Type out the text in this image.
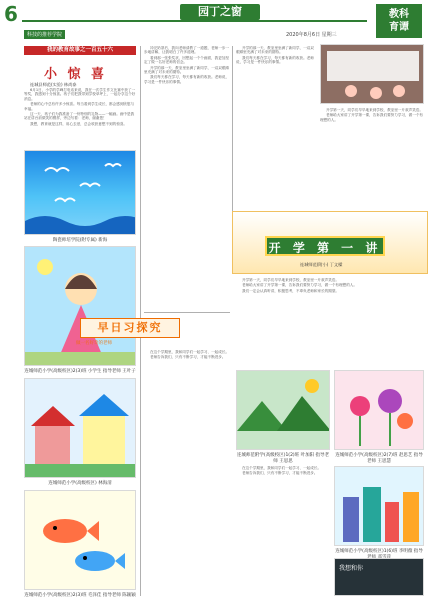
6	园丁之窗
科技的推荐学院	2020年8月6日 星期三
教科
育谭
我的教育故事之一百五十六
小 惊 喜
连城县师范(实验) 林尚泰

6月1日，小学的学峰打电话来说，我在一次学生作文比赛中获了一等奖，我感到十分惊喜。孩子们把我带到学校草坪上，一起分享这个好消息。

老师的心中总有许多小惊喜。每当看到学生成长，都会感到欣慰与幸福。

这一天，孩子们为我准备了一份特别的礼物——一幅画。画中是我站在讲台前微笑的模样，旁边写着：老师，谢谢您！

我想，教育就是这样，用心去爱，总会收获意想不到的惊喜。

陶瓷师培学院(附专属) 新海
连城师范小学(高级校区)2(3)班 小学生 指导老师 王叶子
连城师范小学(高级校区) 林海清
连城师范小学(高级校区)2(3)班 毛泽佳 指导老师 陈颖颖

冲完奶茶后，我向老师请教了一道题，老师一步一步地讲解，让我明白了许多道理。

看到那一张张奖状，回想起一个个画面，我更加坚定了做一名好老师的信念。

开学的那一天，教室里坐满了新同学，一双双眼睛里充满了对未来的期待。

我们每天都在学习，每天都有新的收获。老师说，学习是一件快乐的事情。

早日习探究
做一名好奇的老师

在这个学期里，我和同学们一起学习、一起成长。

老师告诉我们，只有不断学习，才能不断进步。

开学的那一天，教室里坐满了新同学，一双双眼睛里充满了对未来的期待。

我们每天都在学习，每天都有新的收获。老师说，学习是一件快乐的事情。

开学第一天，同学们早早地来到学校，教室里一片欢声笑语。

老师给大家讲了开学第一课，告诉我们要努力学习，做一个有理想的人。

开 学 第 一 讲
连城师范(附小) 丁文樑

开学第一天，同学们早早地来到学校，教室里一片欢声笑语。

老师给大家讲了开学第一课，告诉我们要努力学习，做一个有理想的人。

我们一定会认真听讲，积极思考，不辜负老师和家长的期望。

连城师范附学(高级校区)1(2)班 叶加阳 指导老师 王思思

在这个学期里，我和同学们一起学习、一起成长。

老师告诉我们，只有不断学习，才能不断进步。

连城师范小学(高级校区)2(7)班 赵思艺 指导老师 王思慧
连城师范小学(高级校区)1(6)班 李明薇 指导
我想和你
